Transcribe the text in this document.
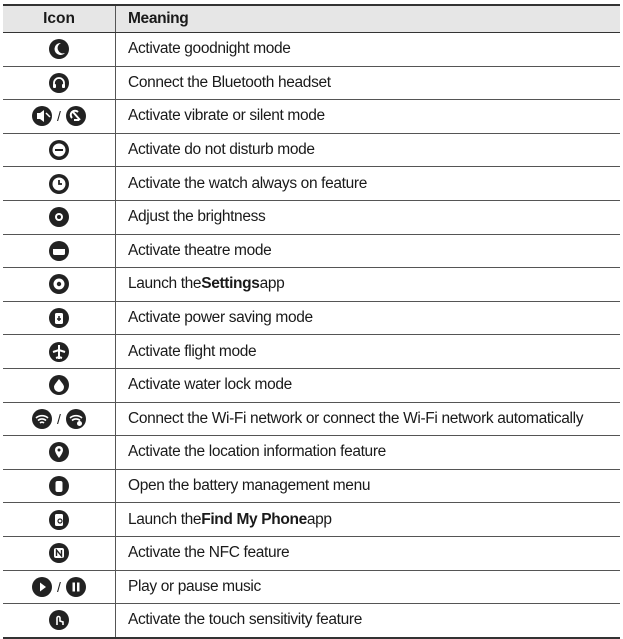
Icon	Meaning
Activate goodnight mode
Connect the Bluetooth headset
/	Activate vibrate or silent mode
Activate do not disturb mode
Activate the watch always on feature
Adjust the brightness
Activate theatre mode
Launch the Settings app
Activate power saving mode
Activate flight mode
Activate water lock mode
/	Connect the Wi-Fi network or connect the Wi-Fi network automatically
Activate the location information feature
Open the battery management menu
Launch the Find My Phone app
Activate the NFC feature
/	Play or pause music
Activate the touch sensitivity feature
